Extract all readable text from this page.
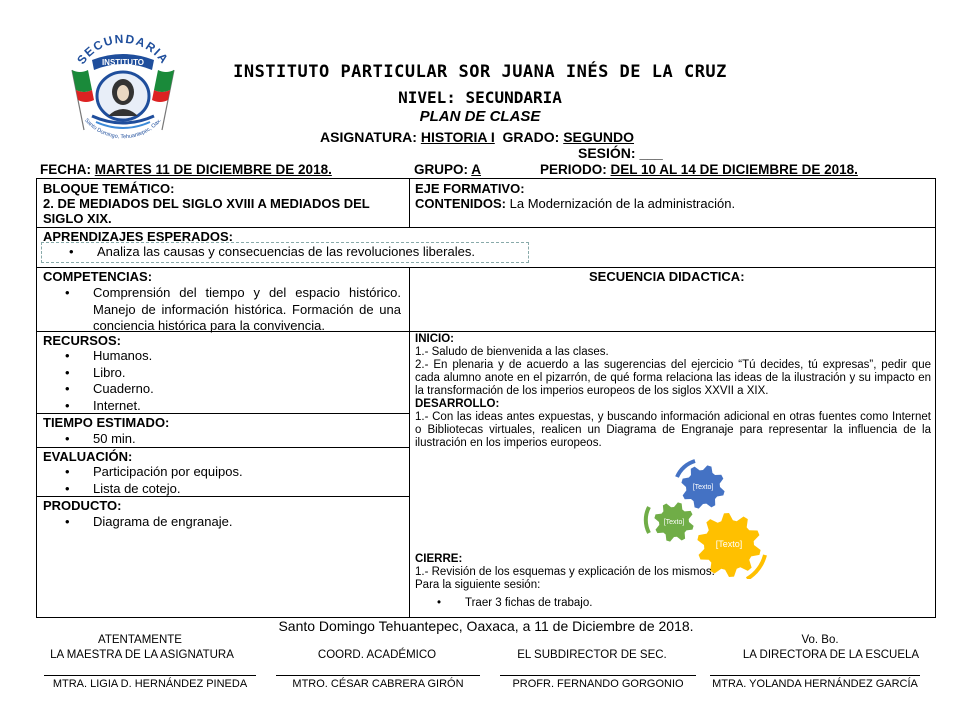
SECUNDARIA
INSTITUTO
Santo Domingo, Tehuantepec, Oax.
INSTITUTO PARTICULAR SOR JUANA INÉS DE LA CRUZ
NIVEL: SECUNDARIA
PLAN DE CLASE
ASIGNATURA: HISTORIA I GRADO: SEGUNDO
SESIÓN: ___
FECHA: MARTES 11 DE DICIEMBRE DE 2018.	GRUPO: A	PERIODO: DEL 10 AL 14 DE DICIEMBRE DE 2018.
BLOQUE TEMÁTICO:
2. DE MEDIADOS DEL SIGLO XVIII A MEDIADOS DEL SIGLO XIX.
EJE FORMATIVO:
CONTENIDOS: La Modernización de la administración.
APRENDIZAJES ESPERADOS:
• Analiza las causas y consecuencias de las revoluciones liberales.
COMPETENCIAS:
• Comprensión del tiempo y del espacio histórico. Manejo de información histórica. Formación de una conciencia histórica para la convivencia.
SECUENCIA DIDACTICA:
RECURSOS:
• Humanos.
• Libro.
• Cuaderno.
• Internet.
TIEMPO ESTIMADO:
• 50 min.
EVALUACIÓN:
• Participación por equipos.
• Lista de cotejo.
PRODUCTO:
• Diagrama de engranaje.
INICIO:
1.- Saludo de bienvenida a las clases.
2.- En plenaria y de acuerdo a las sugerencias del ejercicio “Tú decides, tú expresas”, pedir que cada alumno anote en el pizarrón, de qué forma relaciona las ideas de la ilustración y su impacto en la transformación de los imperios europeos de los siglos XXVII a XIX.
DESARROLLO:
1.- Con las ideas antes expuestas, y buscando información adicional en otras fuentes como Internet o Bibliotecas virtuales, realicen un Diagrama de Engranaje para representar la influencia de la ilustración en los imperios europeos.
[Texto]
[Texto]
[Texto]
CIERRE:
1.- Revisión de los esquemas y explicación de los mismos.
Para la siguiente sesión:
• Traer 3 fichas de trabajo.
Santo Domingo Tehuantepec, Oaxaca, a 11 de Diciembre de 2018.
ATENTAMENTE
LA MAESTRA DE LA ASIGNATURA
MTRA. LIGIA D. HERNÁNDEZ PINEDA
COORD. ACADÉMICO
MTRO. CÉSAR CABRERA GIRÓN
EL SUBDIRECTOR DE SEC.
PROFR. FERNANDO GORGONIO
Vo. Bo.
LA DIRECTORA DE LA ESCUELA
MTRA. YOLANDA HERNÁNDEZ GARCÍA
